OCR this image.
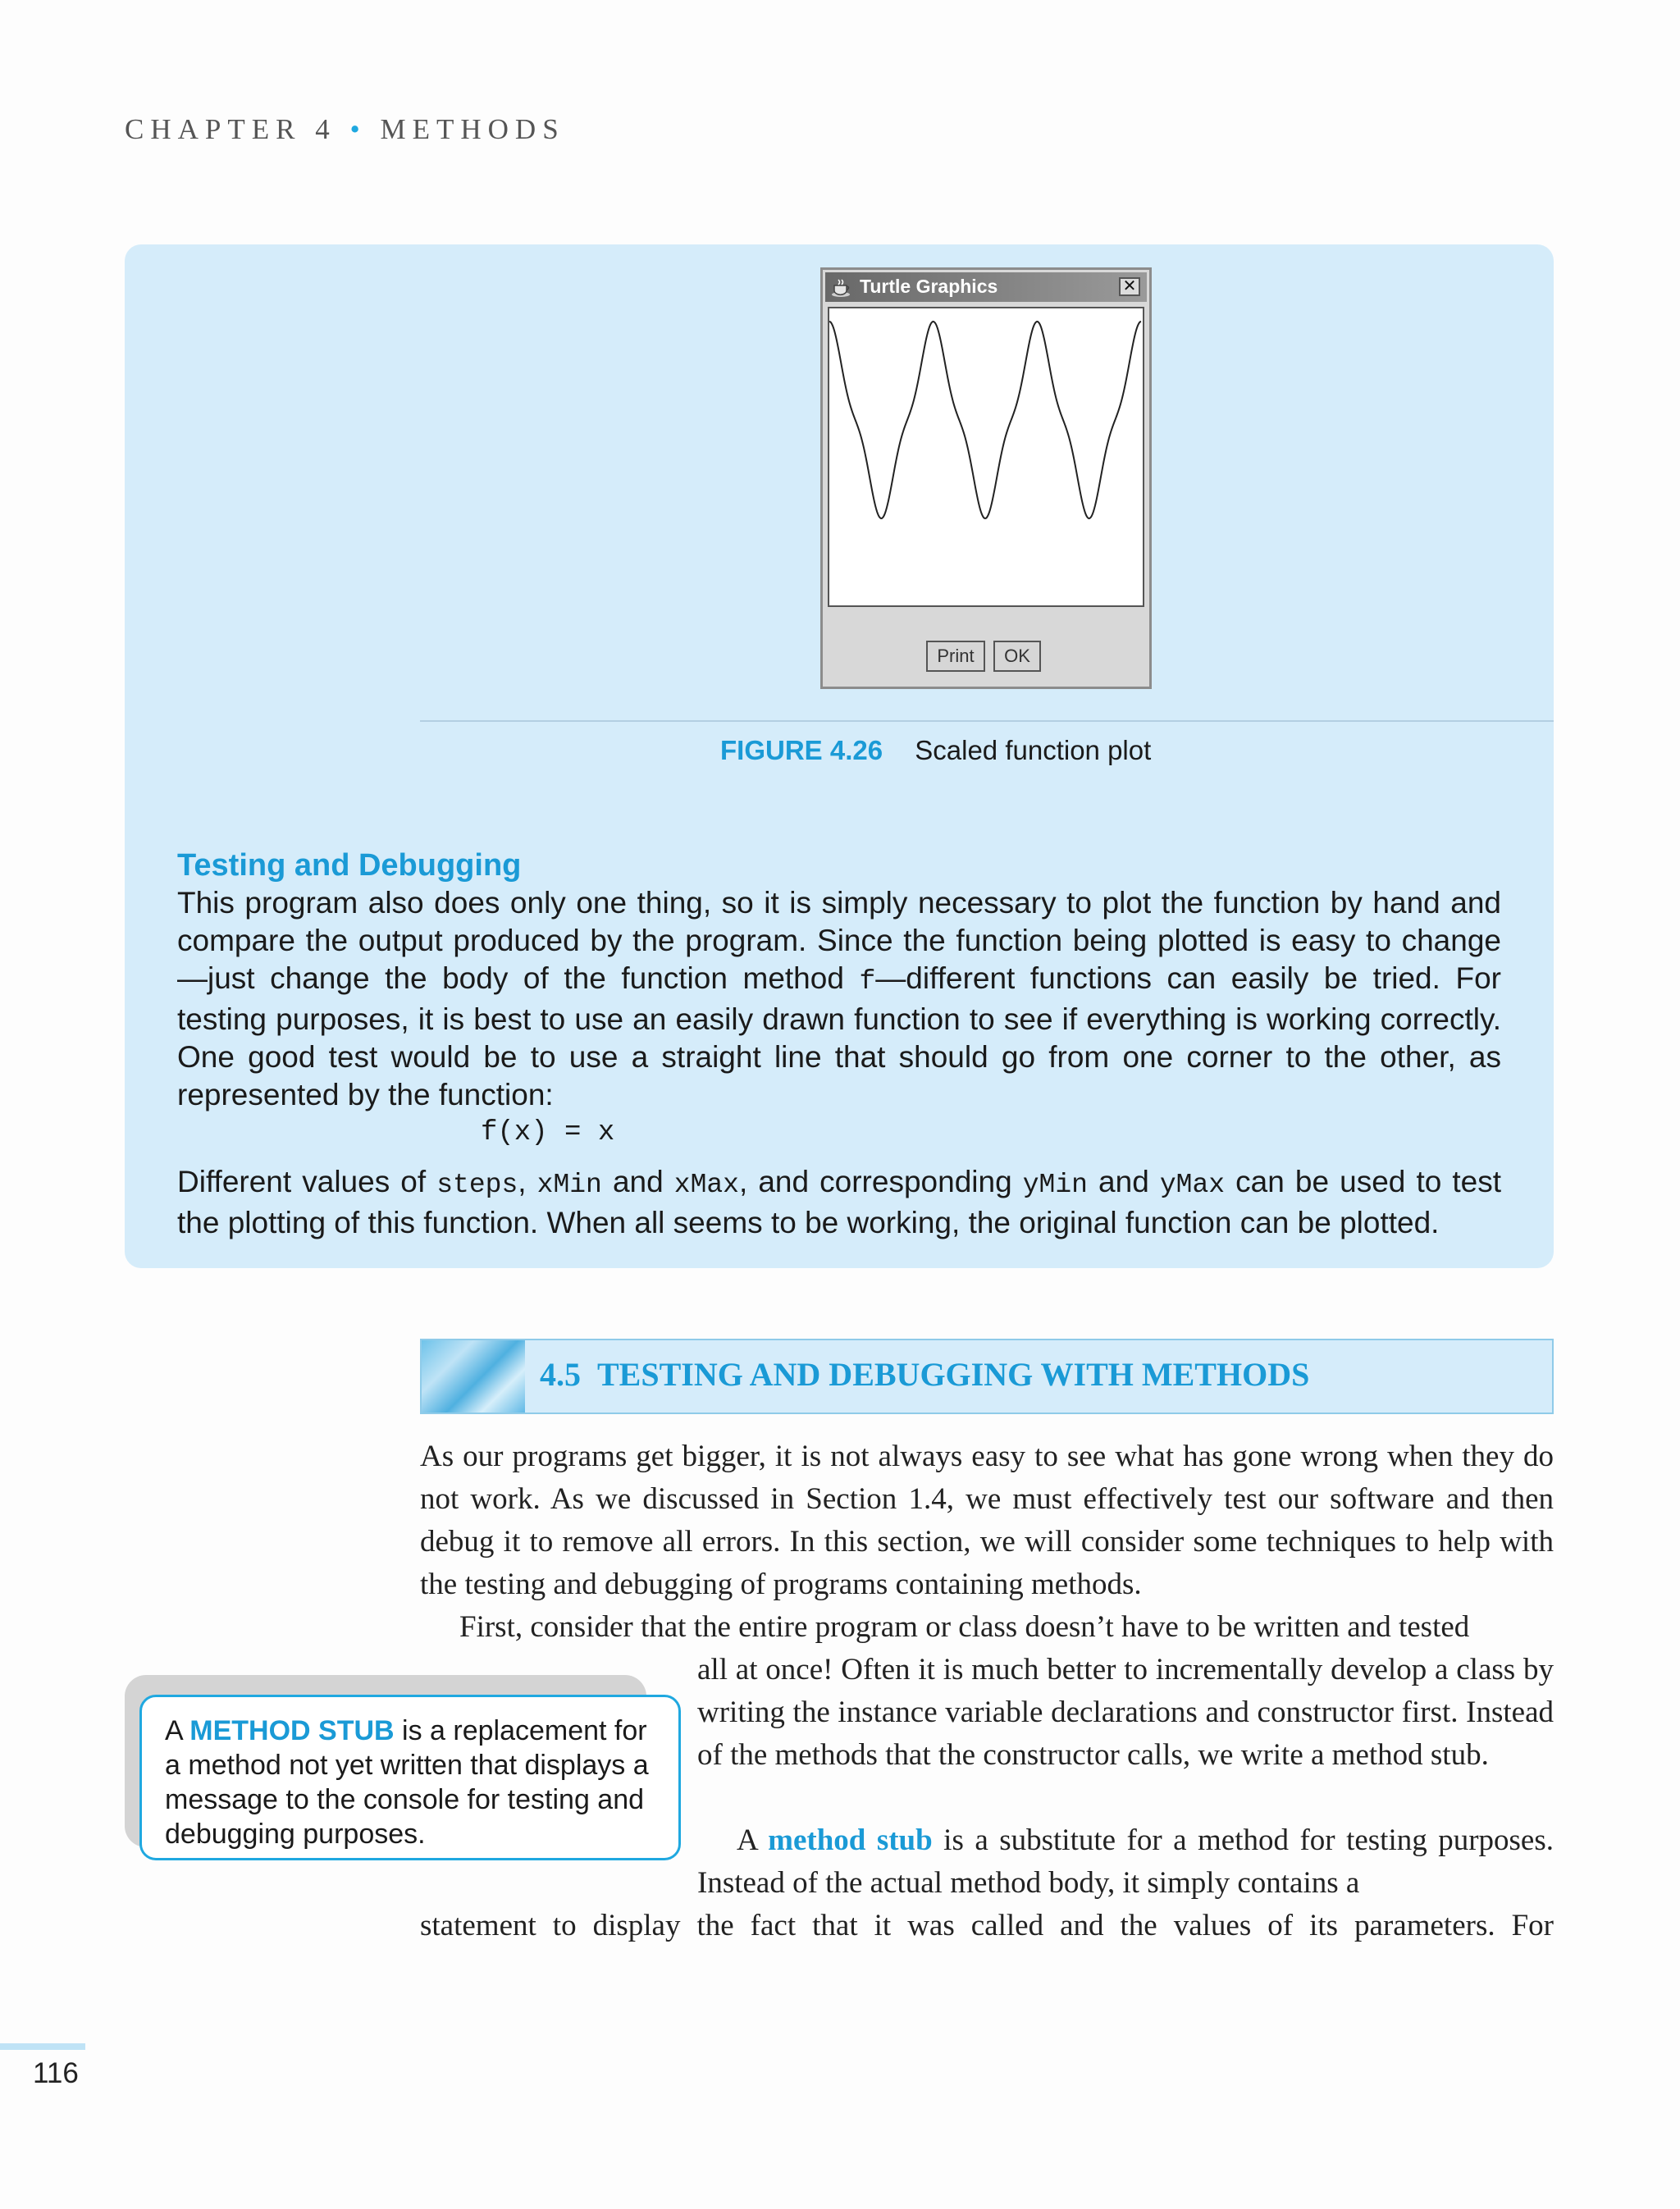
CHAPTER 4 • METHODS
Turtle Graphics	✕
Print	OK
FIGURE 4.26 Scaled function plot
Testing and Debugging
This program also does only one thing, so it is simply necessary to plot the function by hand and compare the output produced by the program. Since the function being plotted is easy to change—just change the body of the function method f—different functions can easily be tried. For testing purposes, it is best to use an easily drawn function to see if everything is working correctly. One good test would be to use a straight line that should go from one corner to the other, as represented by the function:
f(x) = x
Different values of steps, xMin and xMax, and corresponding yMin and yMax can be used to test the plotting of this function. When all seems to be working, the original function can be plotted.
4.5 TESTING AND DEBUGGING WITH METHODS
As our programs get bigger, it is not always easy to see what has gone wrong when they do not work. As we discussed in Section 1.4, we must effectively test our software and then debug it to remove all errors. In this section, we will consider some techniques to help with the testing and debugging of programs containing methods.
First, consider that the entire program or class doesn’t have to be written and tested
all at once! Often it is much better to incrementally develop a class by writing the instance variable declarations and constructor first. Instead of the methods that the constructor calls, we write a method stub.
A method stub is a substitute for a method for testing purposes. Instead of the actual method body, it simply contains a
statement to display the fact that it was called and the values of its parameters. For
A METHOD STUB is a replacement for a method not yet written that displays a message to the console for testing and debugging purposes.
116
